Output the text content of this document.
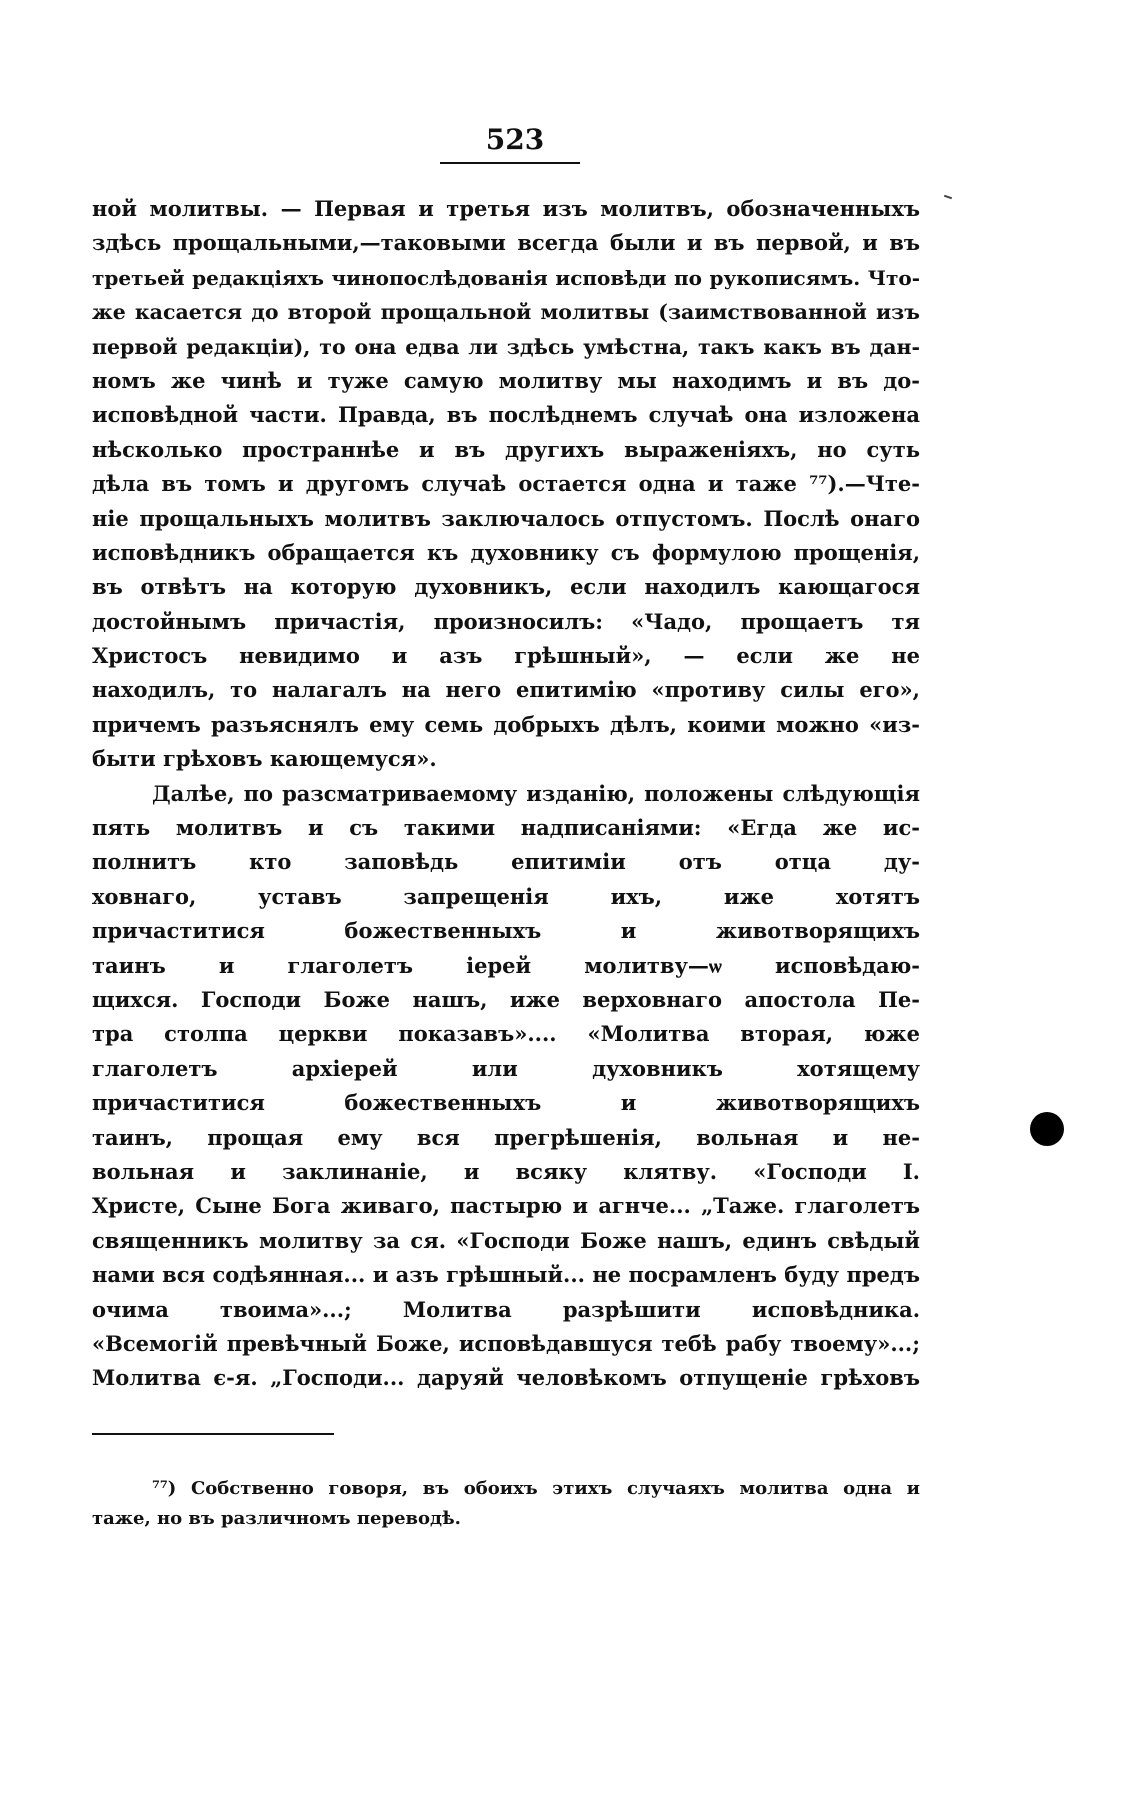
523
ной молитвы. — Первая и третья изъ молитвъ, обозначенныхъ
здѣсь прощальными,—таковыми всегда были и въ первой, и въ
третьей редакціяхъ чинопослѣдованія исповѣди по рукописямъ. Что-
же касается до второй прощальной молитвы (заимствованной изъ
первой редакціи), то она едва ли здѣсь умѣстна, такъ какъ въ дан-
номъ же чинѣ и туже самую молитву мы находимъ и въ до-
исповѣдной части. Правда, въ послѣднемъ случаѣ она изложена
нѣсколько пространнѣе и въ другихъ выраженіяхъ, но суть
дѣла въ томъ и другомъ случаѣ остается одна и таже ⁷⁷).—Чте-
ніе прощальныхъ молитвъ заключалось отпустомъ. Послѣ онаго
исповѣдникъ обращается къ духовнику съ формулою прощенія,
въ отвѣтъ на которую духовникъ, если находилъ кающагося
достойнымъ причастія, произносилъ: «Чадо, прощаетъ тя
Христосъ невидимо и азъ грѣшный», — если же не
находилъ, то налагалъ на него епитимію «противу силы его»,
причемъ разъяснялъ ему семь добрыхъ дѣлъ, коими можно «из-
быти грѣховъ кающемуся».
Далѣе, по разсматриваемому изданію, положены слѣдующія
пять молитвъ и съ такими надписаніями: «Егда же ис-
полнитъ кто заповѣдь епитиміи отъ отца ду-
ховнаго, уставъ запрещенія ихъ, иже хотятъ
причаститися божественныхъ и животворящихъ
таинъ и глаголетъ іерей молитву—ѡ исповѣдаю-
щихся. Господи Боже нашъ, иже верховнаго апостола Пе-
тра столпа церкви показавъ».... «Молитва вторая, юже
глаголетъ архіерей или духовникъ хотящему
причаститися божественныхъ и животворящихъ
таинъ, прощая ему вся прегрѣшенія, вольная и не-
вольная и заклинаніе, и всяку клятву. «Господи І.
Христе, Сыне Бога живаго, пастырю и агнче... „Таже. глаголетъ
священникъ молитву за ся. «Господи Боже нашъ, единъ свѣдый
нами вся содѣянная... и азъ грѣшный... не посрамленъ буду предъ
очима твоима»...; Молитва разрѣшити исповѣдника.
«Всемогій превѣчный Боже, исповѣдавшуся тебѣ рабу твоему»...;
Молитва є-я. „Господи... даруяй человѣкомъ отпущеніе грѣховъ
⁷⁷) Собственно говоря, въ обоихъ этихъ случаяхъ молитва одна и
таже, но въ различномъ переводѣ.
